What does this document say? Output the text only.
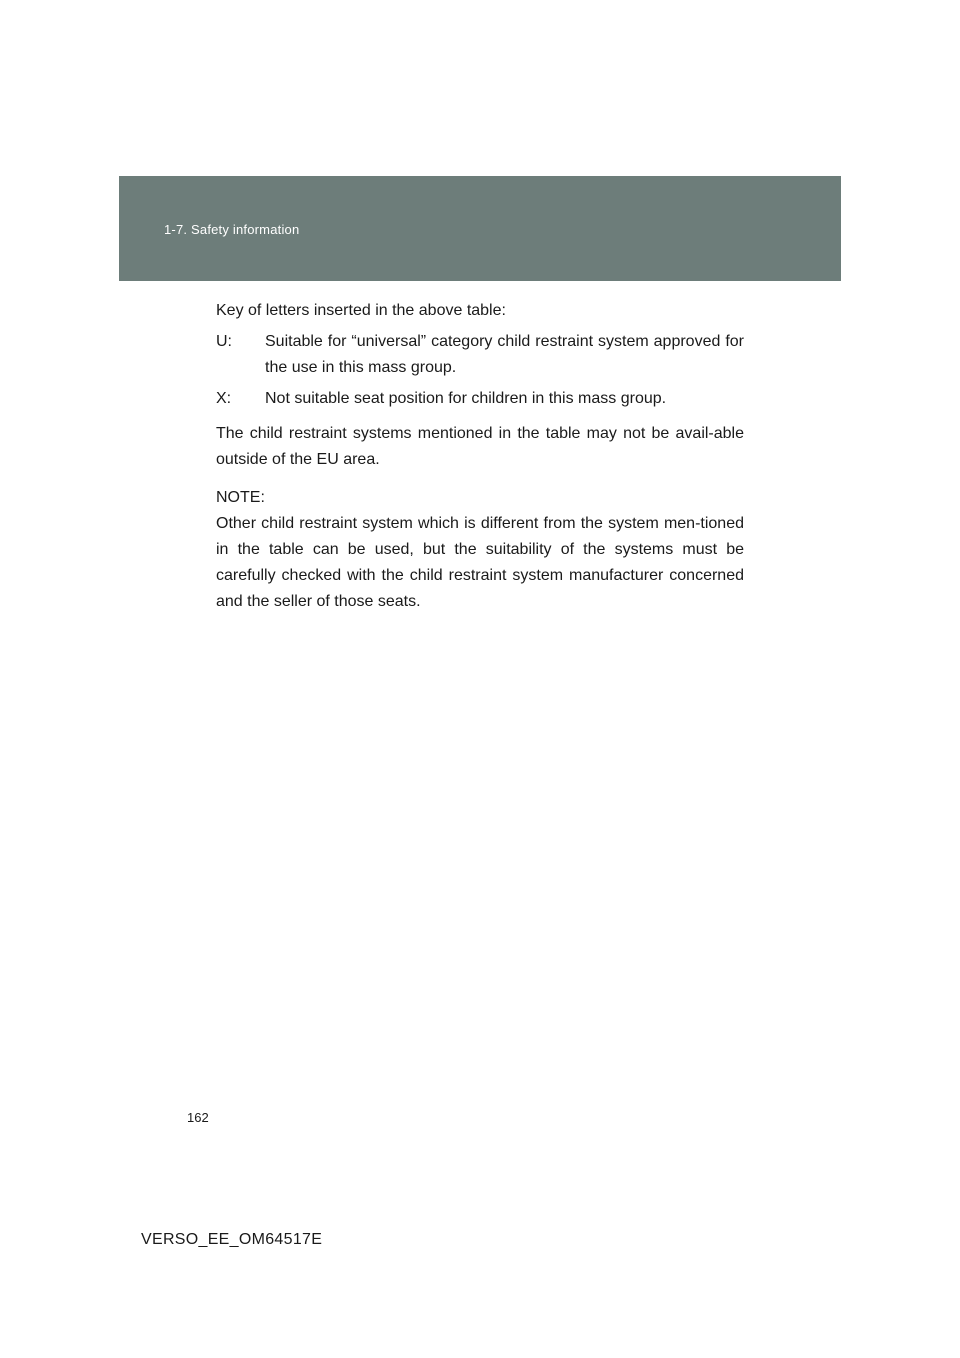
1-7. Safety information

Key of letters inserted in the above table:

U:	Suitable for “universal” category child restraint system approved for the use in this mass group.
X:	Not suitable seat position for children in this mass group.

The child restraint systems mentioned in the table may not be avail-able outside of the EU area.

NOTE:

Other child restraint system which is different from the system men-tioned in the table can be used, but the suitability of the systems must be carefully checked with the child restraint system manufacturer concerned and the seller of those seats.

162
VERSO_EE_OM64517E
